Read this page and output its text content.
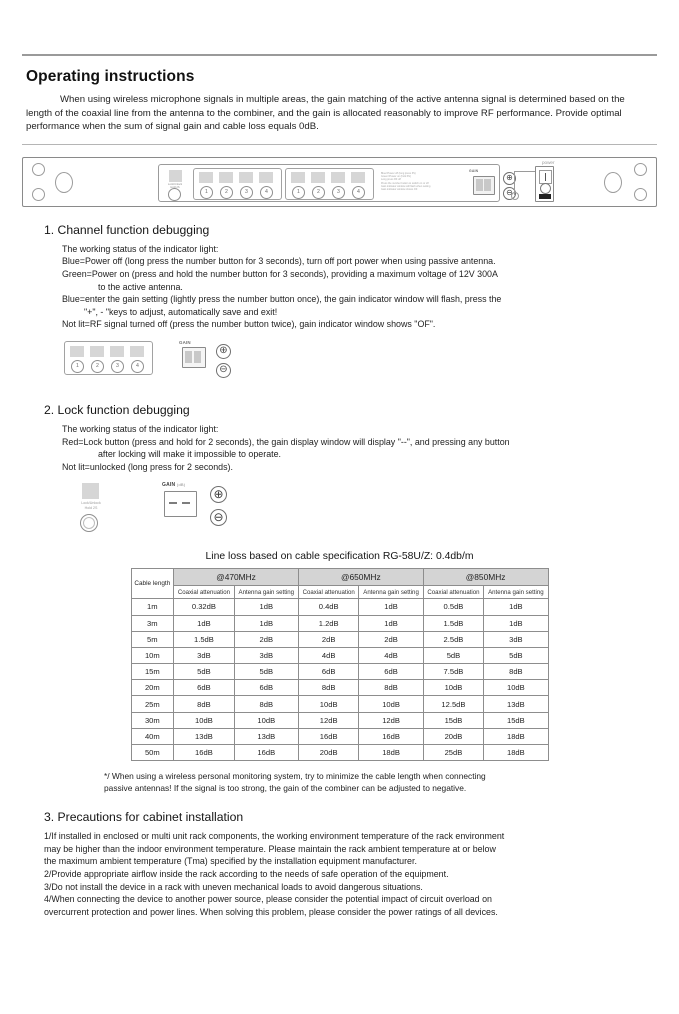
Operating instructions

When using wireless microphone signals in multiple areas, the gain matching of the active antenna signal is determined based on the length of the coaxial line from the antenna to the combiner, and the gain is allocated reasonably to improve RF performance. Provide optimal performance when the sum of signal gain and cable loss equals 0dB.

Lock/Unlock
Hold 2S
1	2	3	4	1	2	3	4
Blue=Power off (long press 3S)
Green=Power on (hold 3S)
Long press RF off
Press the number button to switch on or off
Gain indicator window will flash when setting
Gain indicator window shows OF
GAIN
⊕
⊖
power
1. Channel function debugging
The working status of the indicator light:
Blue=Power off (long press the number button for 3 seconds), turn off port power when using passive antenna.
Green=Power on (press and hold the number button for 3 seconds), providing a maximum voltage of 12V 300A

to the active antenna.
Blue=enter the gain setting (lightly press the number button once), the gain indicator window will flash, press the

"+", - "keys to adjust, automatically save and exit!
Not lit=RF signal turned off (press the number button twice), gain indicator window shows "OF".
1	2	3	4
GAIN
⊕
⊖
2. Lock function debugging
The working status of the indicator light:
Red=Lock button (press and hold for 2 seconds), the gain display window will display "--", and pressing any button

after locking will make it impossible to operate.
Not lit=unlocked (long press for 2 seconds).
Lock/Unlock
Hold 2S
GAIN (dB)
⊕
⊖
Line loss based on cable specification RG-58U/Z: 0.4db/m
Cable length	@470MHz		@650MHz		@850MHz	
	Coaxial attenuation	Antenna gain setting	Coaxial attenuation	Antenna gain setting	Coaxial attenuation	Antenna gain setting
1m	0.32dB	1dB	0.4dB	1dB	0.5dB	1dB
3m	1dB	1dB	1.2dB	1dB	1.5dB	1dB
5m	1.5dB	2dB	2dB	2dB	2.5dB	3dB
10m	3dB	3dB	4dB	4dB	5dB	5dB
15m	5dB	5dB	6dB	6dB	7.5dB	8dB
20m	6dB	6dB	8dB	8dB	10dB	10dB
25m	8dB	8dB	10dB	10dB	12.5dB	13dB
30m	10dB	10dB	12dB	12dB	15dB	15dB
40m	13dB	13dB	16dB	16dB	20dB	18dB
50m	16dB	16dB	20dB	18dB	25dB	18dB
*/ When using a wireless personal monitoring system, try to minimize the cable length when connecting
passive antennas! If the signal is too strong, the gain of the combiner can be adjusted to negative.
3. Precautions for cabinet installation
1/If installed in enclosed or multi unit rack components, the working environment temperature of the rack environment
may be higher than the indoor environment temperature. Please maintain the rack ambient temperature at or below
the maximum ambient temperature (Tma) specified by the installation equipment manufacturer.
2/Provide appropriate airflow inside the rack according to the needs of safe operation of the equipment.
3/Do not install the device in a rack with uneven mechanical loads to avoid dangerous situations.
4/When connecting the device to another power source, please consider the potential impact of circuit overload on
overcurrent protection and power lines. When solving this problem, please consider the power ratings of all devices.
